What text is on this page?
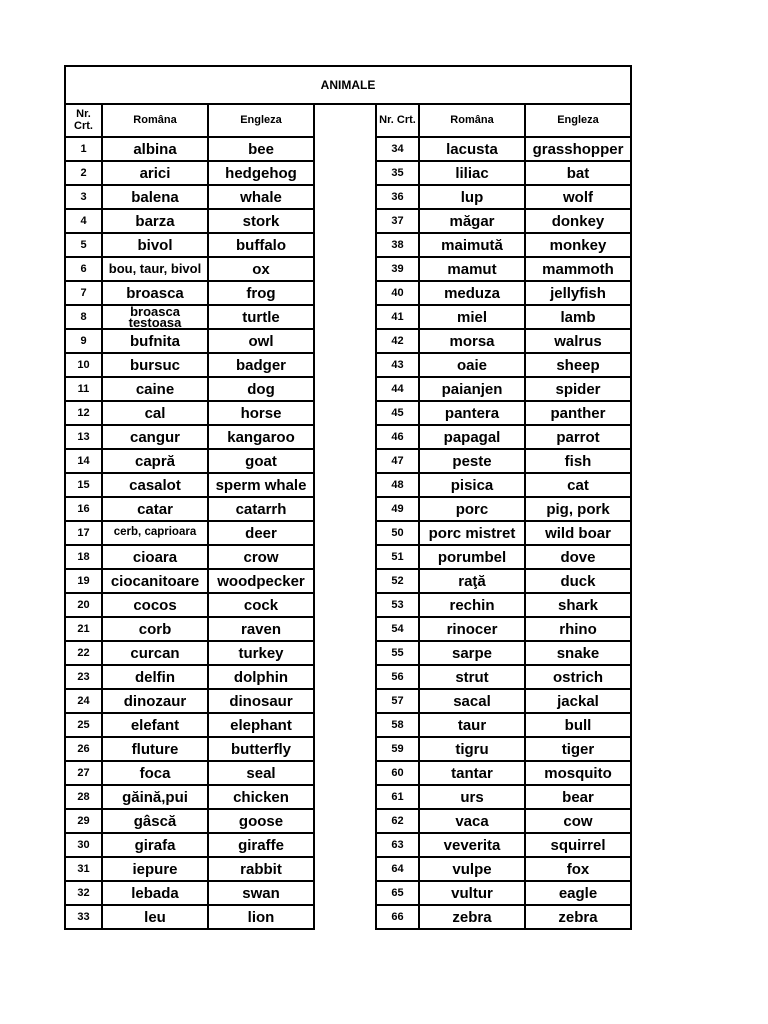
ANIMALE						
Nr. Crt.	Româna	Engleza		Nr. Crt.	Româna	Engleza
1	albina	bee		34	lacusta	grasshopper
2	arici	hedgehog		35	liliac	bat
3	balena	whale		36	lup	wolf
4	barza	stork		37	măgar	donkey
5	bivol	buffalo		38	maimută	monkey
6	bou, taur, bivol	ox		39	mamut	mammoth
7	broasca	frog		40	meduza	jellyfish
8	broasca testoasa	turtle		41	miel	lamb
9	bufnita	owl		42	morsa	walrus
10	bursuc	badger		43	oaie	sheep
11	caine	dog		44	paianjen	spider
12	cal	horse		45	pantera	panther
13	cangur	kangaroo		46	papagal	parrot
14	capră	goat		47	peste	fish
15	casalot	sperm whale		48	pisica	cat
16	catar	catarrh		49	porc	pig, pork
17	cerb, caprioara	deer		50	porc mistret	wild boar
18	cioara	crow		51	porumbel	dove
19	ciocanitoare	woodpecker		52	raţă	duck
20	cocos	cock		53	rechin	shark
21	corb	raven		54	rinocer	rhino
22	curcan	turkey		55	sarpe	snake
23	delfin	dolphin		56	strut	ostrich
24	dinozaur	dinosaur		57	sacal	jackal
25	elefant	elephant		58	taur	bull
26	fluture	butterfly		59	tigru	tiger
27	foca	seal		60	tantar	mosquito
28	găină,pui	chicken		61	urs	bear
29	gâscă	goose		62	vaca	cow
30	girafa	giraffe		63	veverita	squirrel
31	iepure	rabbit		64	vulpe	fox
32	lebada	swan		65	vultur	eagle
33	leu	lion		66	zebra	zebra
